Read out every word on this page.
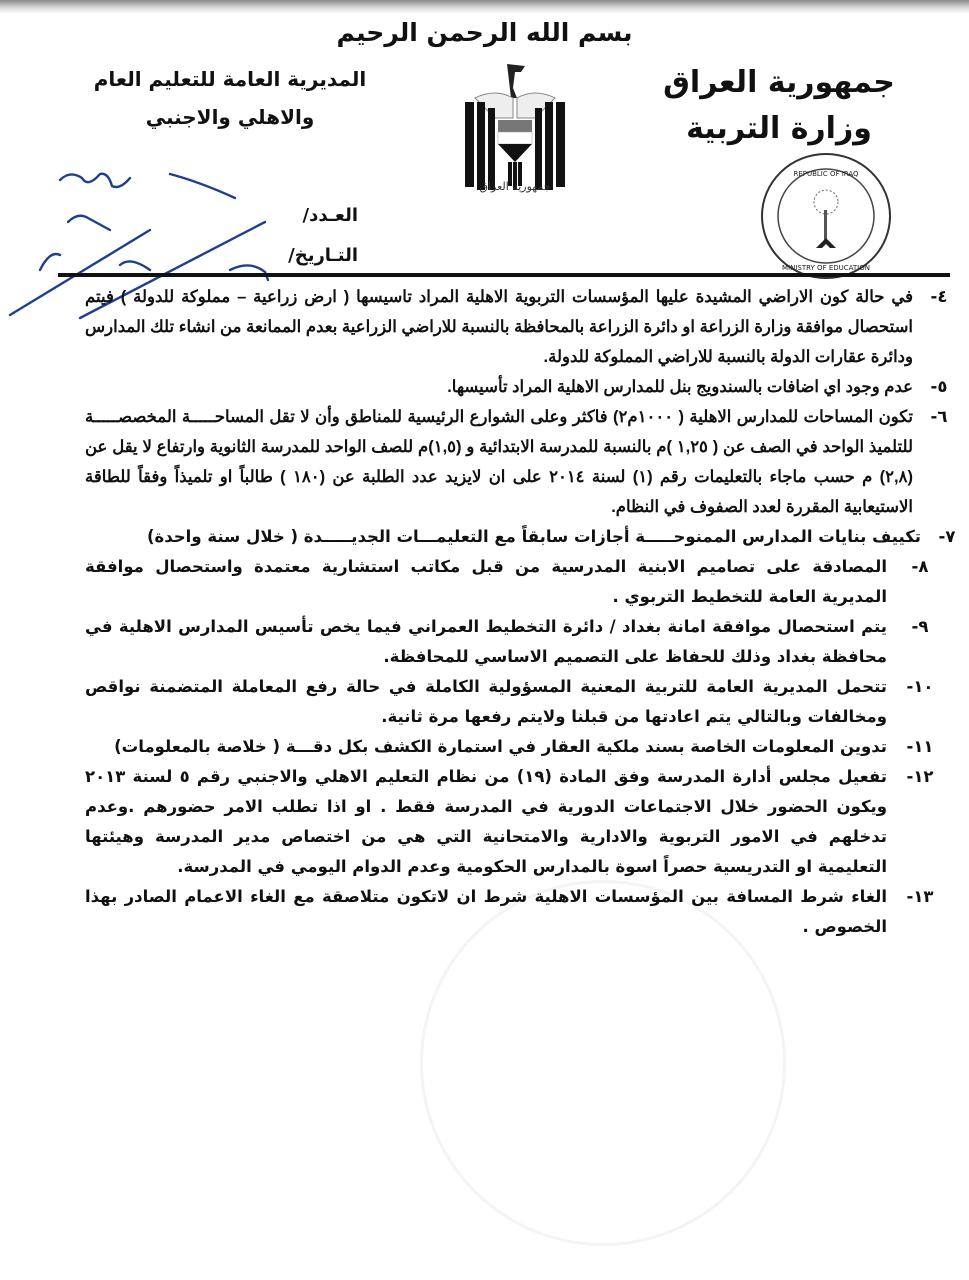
بسم الله الرحمن الرحيم
جمهورية العراق
وزارة التربية
المديرية العامة للتعليم العام
والاهلي والاجنبي
جمهورية العراق
REPUBLIC OF IRAQ
MINISTRY OF EDUCATION
العـدد/
التـاريخ/
٤-
في حالة كون الاراضي المشيدة عليها المؤسسات التربوية الاهلية المراد تاسيسها ( ارض زراعية – مملوكة للدولة ) فيتم استحصال موافقة وزارة الزراعة او دائرة الزراعة بالمحافظة بالنسبة للاراضي الزراعية بعدم الممانعة من انشاء تلك المدارس ودائرة عقارات الدولة بالنسبة للاراضي المملوكة للدولة.
٥-
عدم وجود اي اضافات بالسندويج بنل للمدارس الاهلية المراد تأسيسها.
٦-
تكون المساحات للمدارس الاهلية ( ١٠٠٠م٢) فاكثر وعلى الشوارع الرئيسية للمناطق وأن لا تقل المساحـــــة المخصصـــــة للتلميذ الواحد في الصف عن ( ١,٢٥ )م بالنسبة للمدرسة الابتدائية و (١,٥)م للصف الواحد للمدرسة الثانوية وارتفاع لا يقل عن (٢,٨) م حسب ماجاء بالتعليمات رقم (١) لسنة ٢٠١٤ على ان لايزيد عدد الطلبة عن (١٨٠ ) طالباً او تلميذاً وفقاً للطاقة الاستيعابية المقررة لعدد الصفوف في النظام.
٧-
تكييف بنايات المدارس الممنوحـــــة أجازات سابقاً مع التعليمـــات الجديـــــدة ( خلال سنة واحدة)
٨-
المصادقة على تصاميم الابنية المدرسية من قبل مكاتب استشارية معتمدة واستحصال موافقة المديرية العامة للتخطيط التربوي .
٩-
يتم استحصال موافقة امانة بغداد / دائرة التخطيط العمراني فيما يخص تأسيس المدارس الاهلية في محافظة بغداد وذلك للحفاظ على التصميم الاساسي للمحافظة.
١٠-
تتحمل المديرية العامة للتربية المعنية المسؤولية الكاملة في حالة رفع المعاملة المتضمنة نواقص ومخالفات وبالتالي يتم اعادتها من قبلنا ولايتم رفعها مرة ثانية.
١١-
تدوين المعلومات الخاصة بسند ملكية العقار في استمارة الكشف بكل دقـــة ( خلاصة بالمعلومات)
١٢-
تفعيل مجلس أدارة المدرسة وفق المادة (١٩) من نظام التعليم الاهلي والاجنبي رقم ٥ لسنة ٢٠١٣ ويكون الحضور خلال الاجتماعات الدورية في المدرسة فقط . او اذا تطلب الامر حضورهم .وعدم تدخلهم في الامور التربوية والادارية والامتحانية التي هي من اختصاص مدير المدرسة وهيئتها التعليمية او التدريسية حصراً اسوة بالمدارس الحكومية وعدم الدوام اليومي في المدرسة.
١٣-
الغاء شرط المسافة بين المؤسسات الاهلية شرط ان لاتكون متلاصقة مع الغاء الاعمام الصادر بهذا الخصوص .
